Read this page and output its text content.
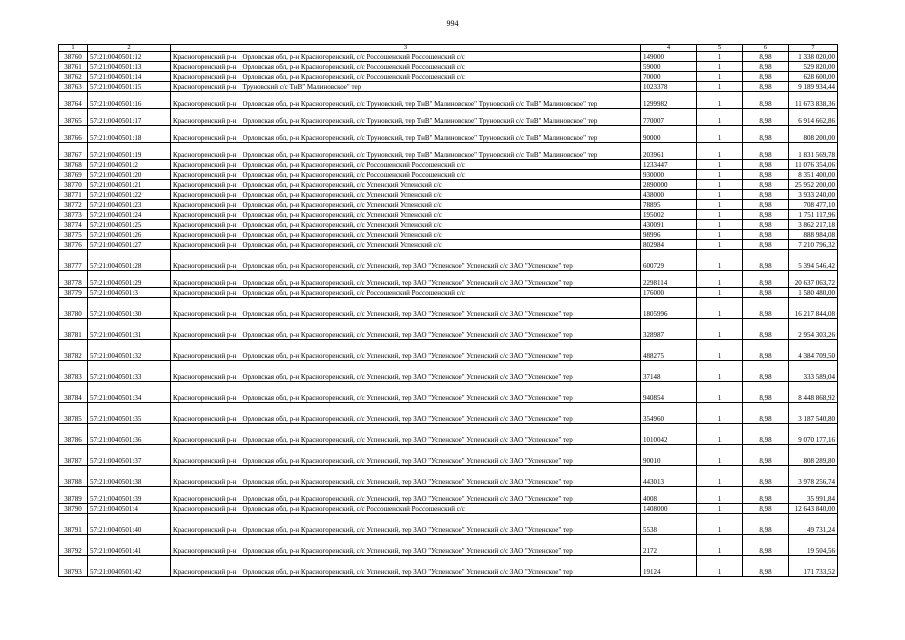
994
1	2	3	4	5	6	7
38760	57:21:0040501:12	Красногоренский р-н Орловская обл, р-н Красногоренский, с/с Россошенский Россошенский с/с	149000	1	8,98	1 338 020,00
38761	57:21:0040501:13	Красногоренский р-н Орловская обл, р-н Красногоренский, с/с Россошенский Россошенский с/с	59000	1	8,98	529 820,00
38762	57:21:0040501:14	Красногоренский р-н Орловская обл, р-н Красногоренский, с/с Россошенский Россошенский с/с	70000	1	8,98	628 600,00
38763	57:21:0040501:15	Красногоренский р-н Труновский с/с ТнВ" Малиновское" тер	1023378	1	8,98	9 189 934,44
38764	57:21:0040501:16	Красногоренский р-н Орловская обл, р-н Красногоренский, с/с Труновский, тер ТнВ" Малиновское" Труновский с/с ТнВ" Малиновское" тер	1299982	1	8,98	11 673 838,36
38765	57:21:0040501:17	Красногоренский р-н Орловская обл, р-н Красногоренский, с/с Труновский, тер ТнВ" Малиновское" Труновский с/с ТнВ" Малиновское" тер	770007	1	8,98	6 914 662,86
38766	57:21:0040501:18	Красногоренский р-н Орловская обл, р-н Красногоренский, с/с Труновский, тер ТнВ" Малиновское" Труновский с/с ТнВ" Малиновское" тер	90000	1	8,98	808 200,00
38767	57:21:0040501:19	Красногоренский р-н Орловская обл, р-н Красногоренский, с/с Труновский, тер ТнВ" Малиновское" Труновский с/с ТнВ" Малиновское" тер	203961	1	8,98	1 831 569,78
38768	57:21:0040501:2	Красногоренский р-н Орловская обл, р-н Красногоренский, с/с Россошенский Россошенский с/с	1233447	1	8,98	11 076 354,06
38769	57:21:0040501:20	Красногоренский р-н Орловская обл, р-н Красногоренский, с/с Россошенский Россошенский с/с	930000	1	8,98	8 351 400,00
38770	57:21:0040501:21	Красногоренский р-н Орловская обл, р-н Красногоренский, с/с Успенский Успенский с/с	2890000	1	8,98	25 952 200,00
38771	57:21:0040501:22	Красногоренский р-н Орловская обл, р-н Красногоренский, с/с Успенский Успенский с/с	438000	1	8,98	3 933 240,00
38772	57:21:0040501:23	Красногоренский р-н Орловская обл, р-н Красногоренский, с/с Успенский Успенский с/с	78895	1	8,98	708 477,10
38773	57:21:0040501:24	Красногоренский р-н Орловская обл, р-н Красногоренский, с/с Успенский Успенский с/с	195002	1	8,98	1 751 117,96
38774	57:21:0040501:25	Красногоренский р-н Орловская обл, р-н Красногоренский, с/с Успенский Успенский с/с	430091	1	8,98	3 862 217,18
38775	57:21:0040501:26	Красногоренский р-н Орловская обл, р-н Красногоренский, с/с Успенский Успенский с/с	98996	1	8,98	888 984,08
38776	57:21:0040501:27	Красногоренский р-н Орловская обл, р-н Красногоренский, с/с Успенский Успенский с/с	802984	1	8,98	7 210 796,32
38777	57:21:0040501:28	Красногоренский р-н Орловская обл, р-н Красногоренский, с/с Успенский, тер ЗАО "Успенское" Успенский с/с ЗАО "Успенское" тер	600729	1	8,98	5 394 546,42
38778	57:21:0040501:29	Красногоренский р-н Орловская обл, р-н Красногоренский, с/с Успенский, тер ЗАО "Успенское" Успенский с/с ЗАО "Успенское" тер	2298114	1	8,98	20 637 063,72
38779	57:21:0040501:3	Красногоренский р-н Орловская обл, р-н Красногоренский, с/с Россошенский Россошенский с/с	176000	1	8,98	1 580 480,00
38780	57:21:0040501:30	Красногоренский р-н Орловская обл, р-н Красногоренский, с/с Успенский, тер ЗАО "Успенское" Успенский с/с ЗАО "Успенское" тер	1805996	1	8,98	16 217 844,08
38781	57:21:0040501:31	Красногоренский р-н Орловская обл, р-н Красногоренский, с/с Успенский, тер ЗАО "Успенское" Успенский с/с ЗАО "Успенское" тер	328987	1	8,98	2 954 303,26
38782	57:21:0040501:32	Красногоренский р-н Орловская обл, р-н Красногоренский, с/с Успенский, тер ЗАО "Успенское" Успенский с/с ЗАО "Успенское" тер	488275	1	8,98	4 384 709,50
38783	57:21:0040501:33	Красногоренский р-н Орловская обл, р-н Красногоренский, с/с Успенский, тер ЗАО "Успенское" Успенский с/с ЗАО "Успенское" тер	37148	1	8,98	333 589,04
38784	57:21:0040501:34	Красногоренский р-н Орловская обл, р-н Красногоренский, с/с Успенский, тер ЗАО "Успенское" Успенский с/с ЗАО "Успенское" тер	940854	1	8,98	8 448 868,92
38785	57:21:0040501:35	Красногоренский р-н Орловская обл, р-н Красногоренский, с/с Успенский, тер ЗАО "Успенское" Успенский с/с ЗАО "Успенское" тер	354960	1	8,98	3 187 540,80
38786	57:21:0040501:36	Красногоренский р-н Орловская обл, р-н Красногоренский, с/с Успенский, тер ЗАО "Успенское" Успенский с/с ЗАО "Успенское" тер	1010042	1	8,98	9 070 177,16
38787	57:21:0040501:37	Красногоренский р-н Орловская обл, р-н Красногоренский, с/с Успенский, тер ЗАО "Успенское" Успенский с/с ЗАО "Успенское" тер	90010	1	8,98	808 289,80
38788	57:21:0040501:38	Красногоренский р-н Орловская обл, р-н Красногоренский, с/с Успенский, тер ЗАО "Успенское" Успенский с/с ЗАО "Успенское" тер	443013	1	8,98	3 978 256,74
38789	57:21:0040501:39	Красногоренский р-н Орловская обл, р-н Красногоренский, с/с Успенский, тер ЗАО "Успенское" Успенский с/с ЗАО "Успенское" тер	4008	1	8,98	35 991,84
38790	57:21:0040501:4	Красногоренский р-н Орловская обл, р-н Красногоренский, с/с Россошенский Россошенский с/с	1408000	1	8,98	12 643 840,00
38791	57:21:0040501:40	Красногоренский р-н Орловская обл, р-н Красногоренский, с/с Успенский, тер ЗАО "Успенское" Успенский с/с ЗАО "Успенское" тер	5538	1	8,98	49 731,24
38792	57:21:0040501:41	Красногоренский р-н Орловская обл, р-н Красногоренский, с/с Успенский, тер ЗАО "Успенское" Успенский с/с ЗАО "Успенское" тер	2172	1	8,98	19 504,56
38793	57:21:0040501:42	Красногоренский р-н Орловская обл, р-н Красногоренский, с/с Успенский, тер ЗАО "Успенское" Успенский с/с ЗАО "Успенское" тер	19124	1	8,98	171 733,52
